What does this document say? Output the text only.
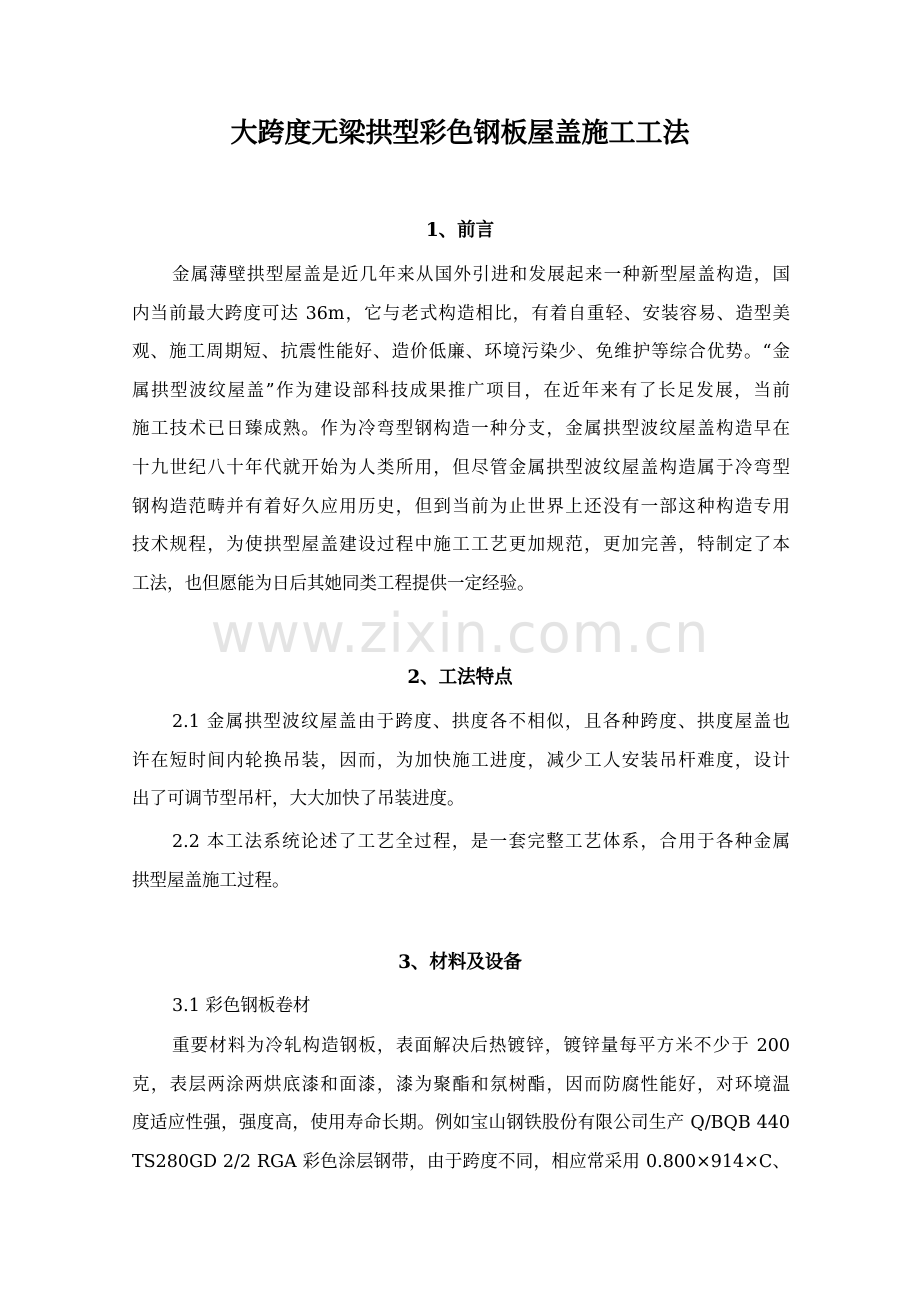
大跨度无梁拱型彩色钢板屋盖施工工法
www.zixin.com.cn
1、前言
金属薄壁拱型屋盖是近几年来从国外引进和发展起来一种新型屋盖构造，国
内当前最大跨度可达 36m，它与老式构造相比，有着自重轻、安装容易、造型美
观、施工周期短、抗震性能好、造价低廉、环境污染少、免维护等综合优势。“金
属拱型波纹屋盖”作为建设部科技成果推广项目，在近年来有了长足发展，当前
施工技术已日臻成熟。作为冷弯型钢构造一种分支，金属拱型波纹屋盖构造早在
十九世纪八十年代就开始为人类所用，但尽管金属拱型波纹屋盖构造属于冷弯型
钢构造范畴并有着好久应用历史，但到当前为止世界上还没有一部这种构造专用
技术规程，为使拱型屋盖建设过程中施工工艺更加规范，更加完善，特制定了本
工法，也但愿能为日后其她同类工程提供一定经验。
2、工法特点
2.1 金属拱型波纹屋盖由于跨度、拱度各不相似，且各种跨度、拱度屋盖也
许在短时间内轮换吊装，因而，为加快施工进度，减少工人安装吊杆难度，设计
出了可调节型吊杆，大大加快了吊装进度。
2.2 本工法系统论述了工艺全过程，是一套完整工艺体系，合用于各种金属
拱型屋盖施工过程。
3、材料及设备
3.1 彩色钢板卷材
重要材料为冷轧构造钢板，表面解决后热镀锌，镀锌量每平方米不少于 200
克，表层两涂两烘底漆和面漆，漆为聚酯和氛树酯，因而防腐性能好，对环境温
度适应性强，强度高，使用寿命长期。例如宝山钢铁股份有限公司生产 Q/BQB 440
TS280GD 2/2 RGA 彩色涂层钢带，由于跨度不同，相应常采用 0.800×914×C、
